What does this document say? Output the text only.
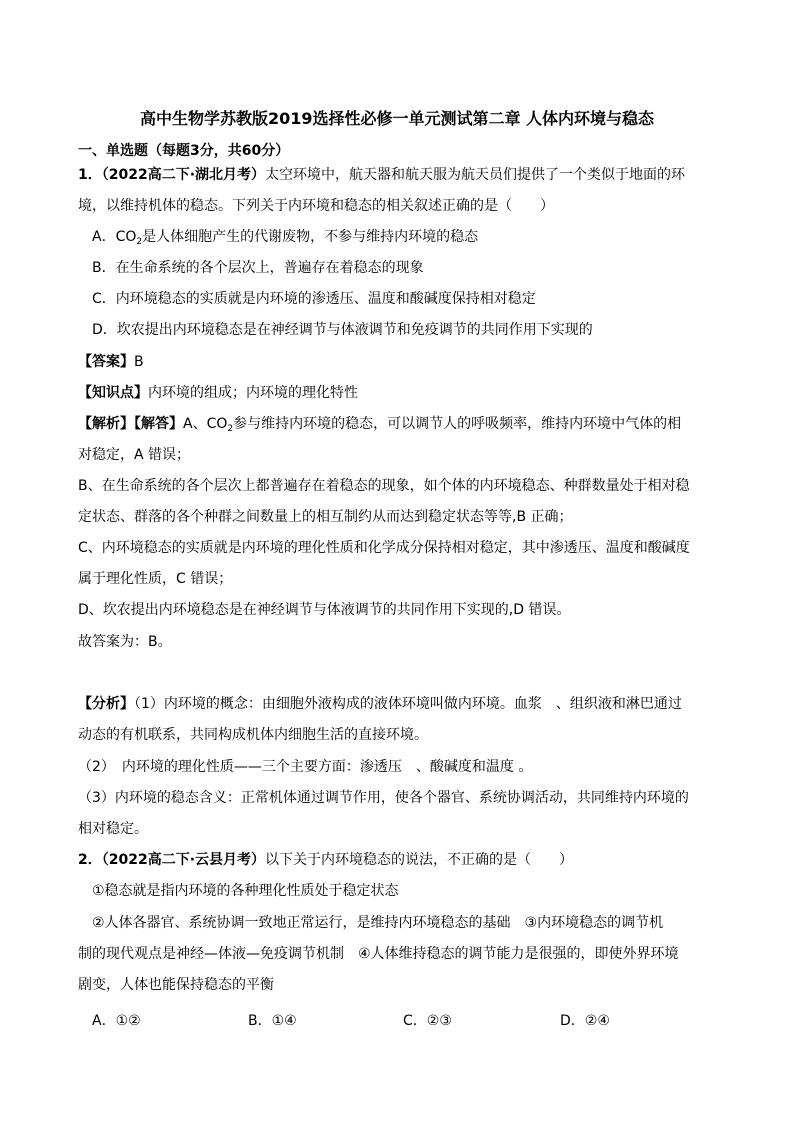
高中生物学苏教版2019选择性必修一单元测试第二章 人体内环境与稳态
一、单选题（每题3分，共60分）
1．（2022高二下·湖北月考）太空环境中，航天器和航天服为航天员们提供了一个类似于地面的环
境，以维持机体的稳态。下列关于内环境和稳态的相关叙述正确的是（　　）
A．$CO_2$是人体细胞产生的代谢废物，不参与维持内环境的稳态
B．在生命系统的各个层次上，普遍存在着稳态的现象
C．内环境稳态的实质就是内环境的渗透压、温度和酸碱度保持相对稳定
D．坎农提出内环境稳态是在神经调节与体液调节和免疫调节的共同作用下实现的
【答案】B
【知识点】内环境的组成；内环境的理化特性
【解析】【解答】A、$CO_2$参与维持内环境的稳态，可以调节人的呼吸频率，维持内环境中气体的相
对稳定，A 错误；
B、在生命系统的各个层次上都普遍存在着稳态的现象，如个体的内环境稳态、种群数量处于相对稳
定状态、群落的各个种群之间数量上的相互制约从而达到稳定状态等等,B 正确；
C、内环境稳态的实质就是内环境的理化性质和化学成分保持相对稳定，其中渗透压、温度和酸碱度
属于理化性质，C 错误；
D、坎农提出内环境稳态是在神经调节与体液调节的共同作用下实现的,D 错误。
故答案为：B。
【分析】（1）内环境的概念：由细胞外液构成的液体环境叫做内环境。血浆　、组织液和淋巴通过
动态的有机联系，共同构成机体内细胞生活的直接环境。
（2）　内环境的理化性质——三个主要方面：渗透压　、酸碱度和温度 。
（3）内环境的稳态含义：正常机体通过调节作用，使各个器官、系统协调活动，共同维持内环境的
相对稳定。
2．（2022高二下·云县月考）以下关于内环境稳态的说法，不正确的是（　　）
①稳态就是指内环境的各种理化性质处于稳定状态
②人体各器官、系统协调一致地正常运行，是维持内环境稳态的基础　③内环境稳态的调节机
制的现代观点是神经—体液—免疫调节机制　④人体维持稳态的调节能力是很强的，即使外界环境
剧变，人体也能保持稳态的平衡
A．①②	B．①④	C．②③	D．②④
